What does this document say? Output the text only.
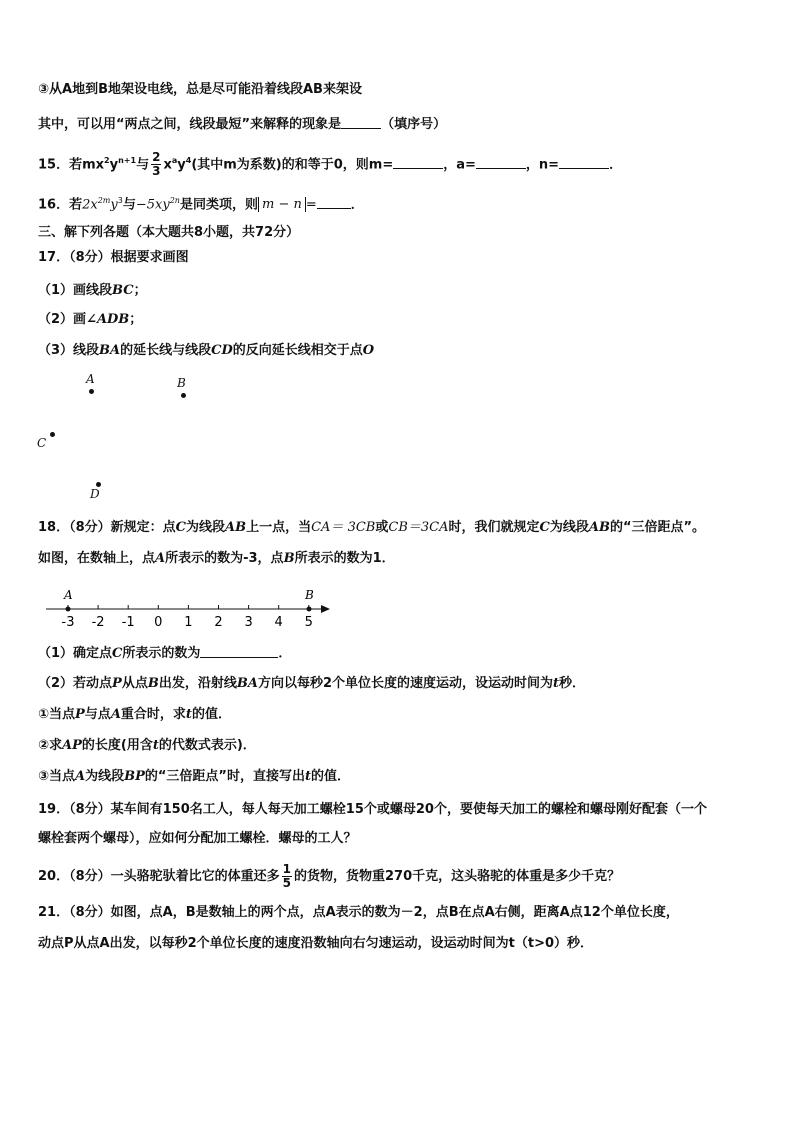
③从A地到B地架设电线，总是尽可能沿着线段AB来架设
其中，可以用“两点之间，线段最短”来解释的现象是	（填序号）
15．若$mx^2y^{n+1}$与 $\frac{2}{3} x^ay^4$(其中m为系数)的和等于0，则m=	，a=	，n=	．
16．若$2x^{2m}y^3$与$-5xy^{2n}$是同类项，则 m − n =	．
三、解下列各题（本大题共8小题，共72分）
17．（8分）根据要求画图
（1）画线段BC；
（2）画∠ADB；
（3）线段BA的延长线与线段CD的反向延长线相交于点O
A	B
C
D
18．（8分）新规定：点C为线段AB上一点，当CA＝ 3CB或CB＝3CA时，我们就规定C为线段AB的“三倍距点”。
如图，在数轴上，点A所表示的数为-3，点B所表示的数为1．
-3 -2 -1 0 1 2 3 4 5
A	B
（1）确定点C所表示的数为	．
（2）若动点P从点B出发，沿射线BA方向以每秒2个单位长度的速度运动，设运动时间为t秒．
①当点P与点A重合时，求t的值．
②求AP的长度(用含t的代数式表示)．
③当点A为线段BP的“三倍距点”时，直接写出t的值．
19．（8分）某车间有150名工人，每人每天加工螺栓15个或螺母20个，要使每天加工的螺栓和螺母刚好配套（一个
螺栓套两个螺母），应如何分配加工螺栓．螺母的工人？
20．（8分）一头骆驼驮着比它的体重还多 $\frac{1}{5}$ 的货物，货物重270千克，这头骆驼的体重是多少千克？
21．（8分）如图，点A，B是数轴上的两个点，点A表示的数为－2，点B在点A右侧，距离A点12个单位长度，
动点P从点A出发，以每秒2个单位长度的速度沿数轴向右匀速运动，设运动时间为t（t>0）秒．
